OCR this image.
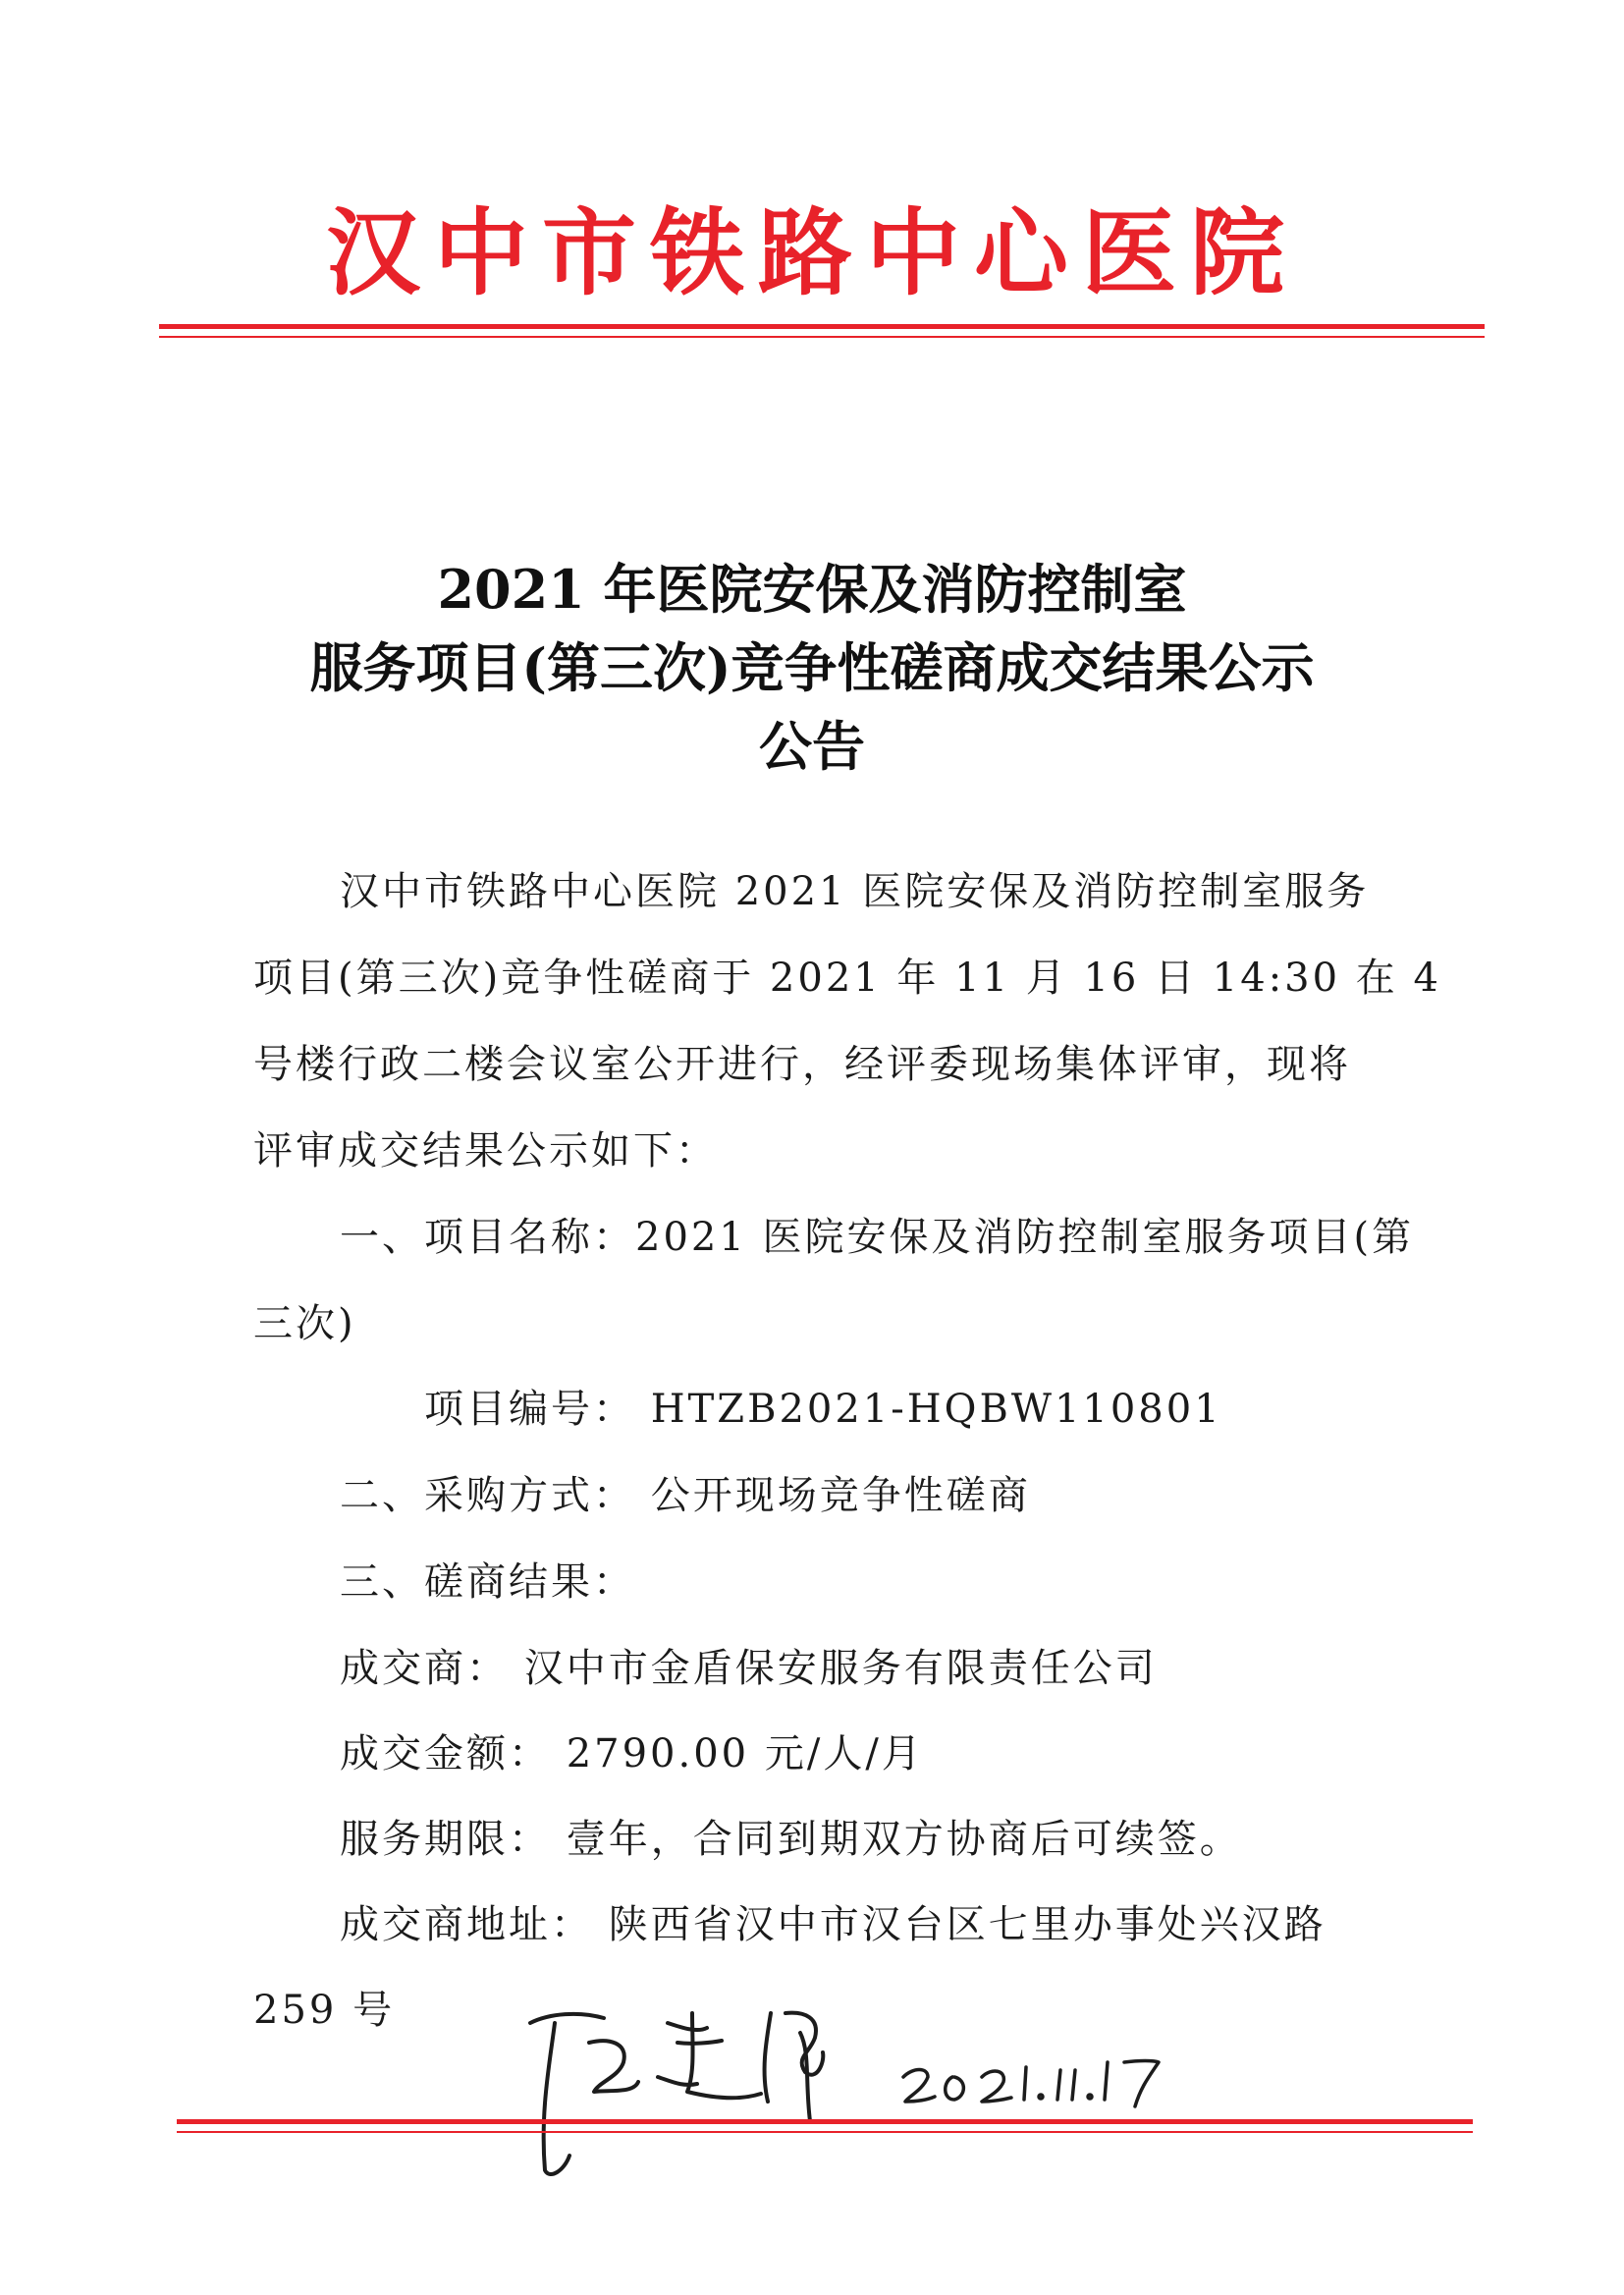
汉中市铁路中心医院
2021 年医院安保及消防控制室
服务项目(第三次)竞争性磋商成交结果公示
公告
汉中市铁路中心医院 2021 医院安保及消防控制室服务
项目(第三次)竞争性磋商于 2021 年 11 月 16 日 14:30 在 4
号楼行政二楼会议室公开进行，经评委现场集体评审，现将
评审成交结果公示如下：
一、项目名称：2021 医院安保及消防控制室服务项目(第
三次)
项目编号： HTZB2021-HQBW110801
二、采购方式： 公开现场竞争性磋商
三、磋商结果：
成交商： 汉中市金盾保安服务有限责任公司
成交金额： 2790.00 元/人/月
服务期限： 壹年，合同到期双方协商后可续签。
成交商地址： 陕西省汉中市汉台区七里办事处兴汉路
259 号
